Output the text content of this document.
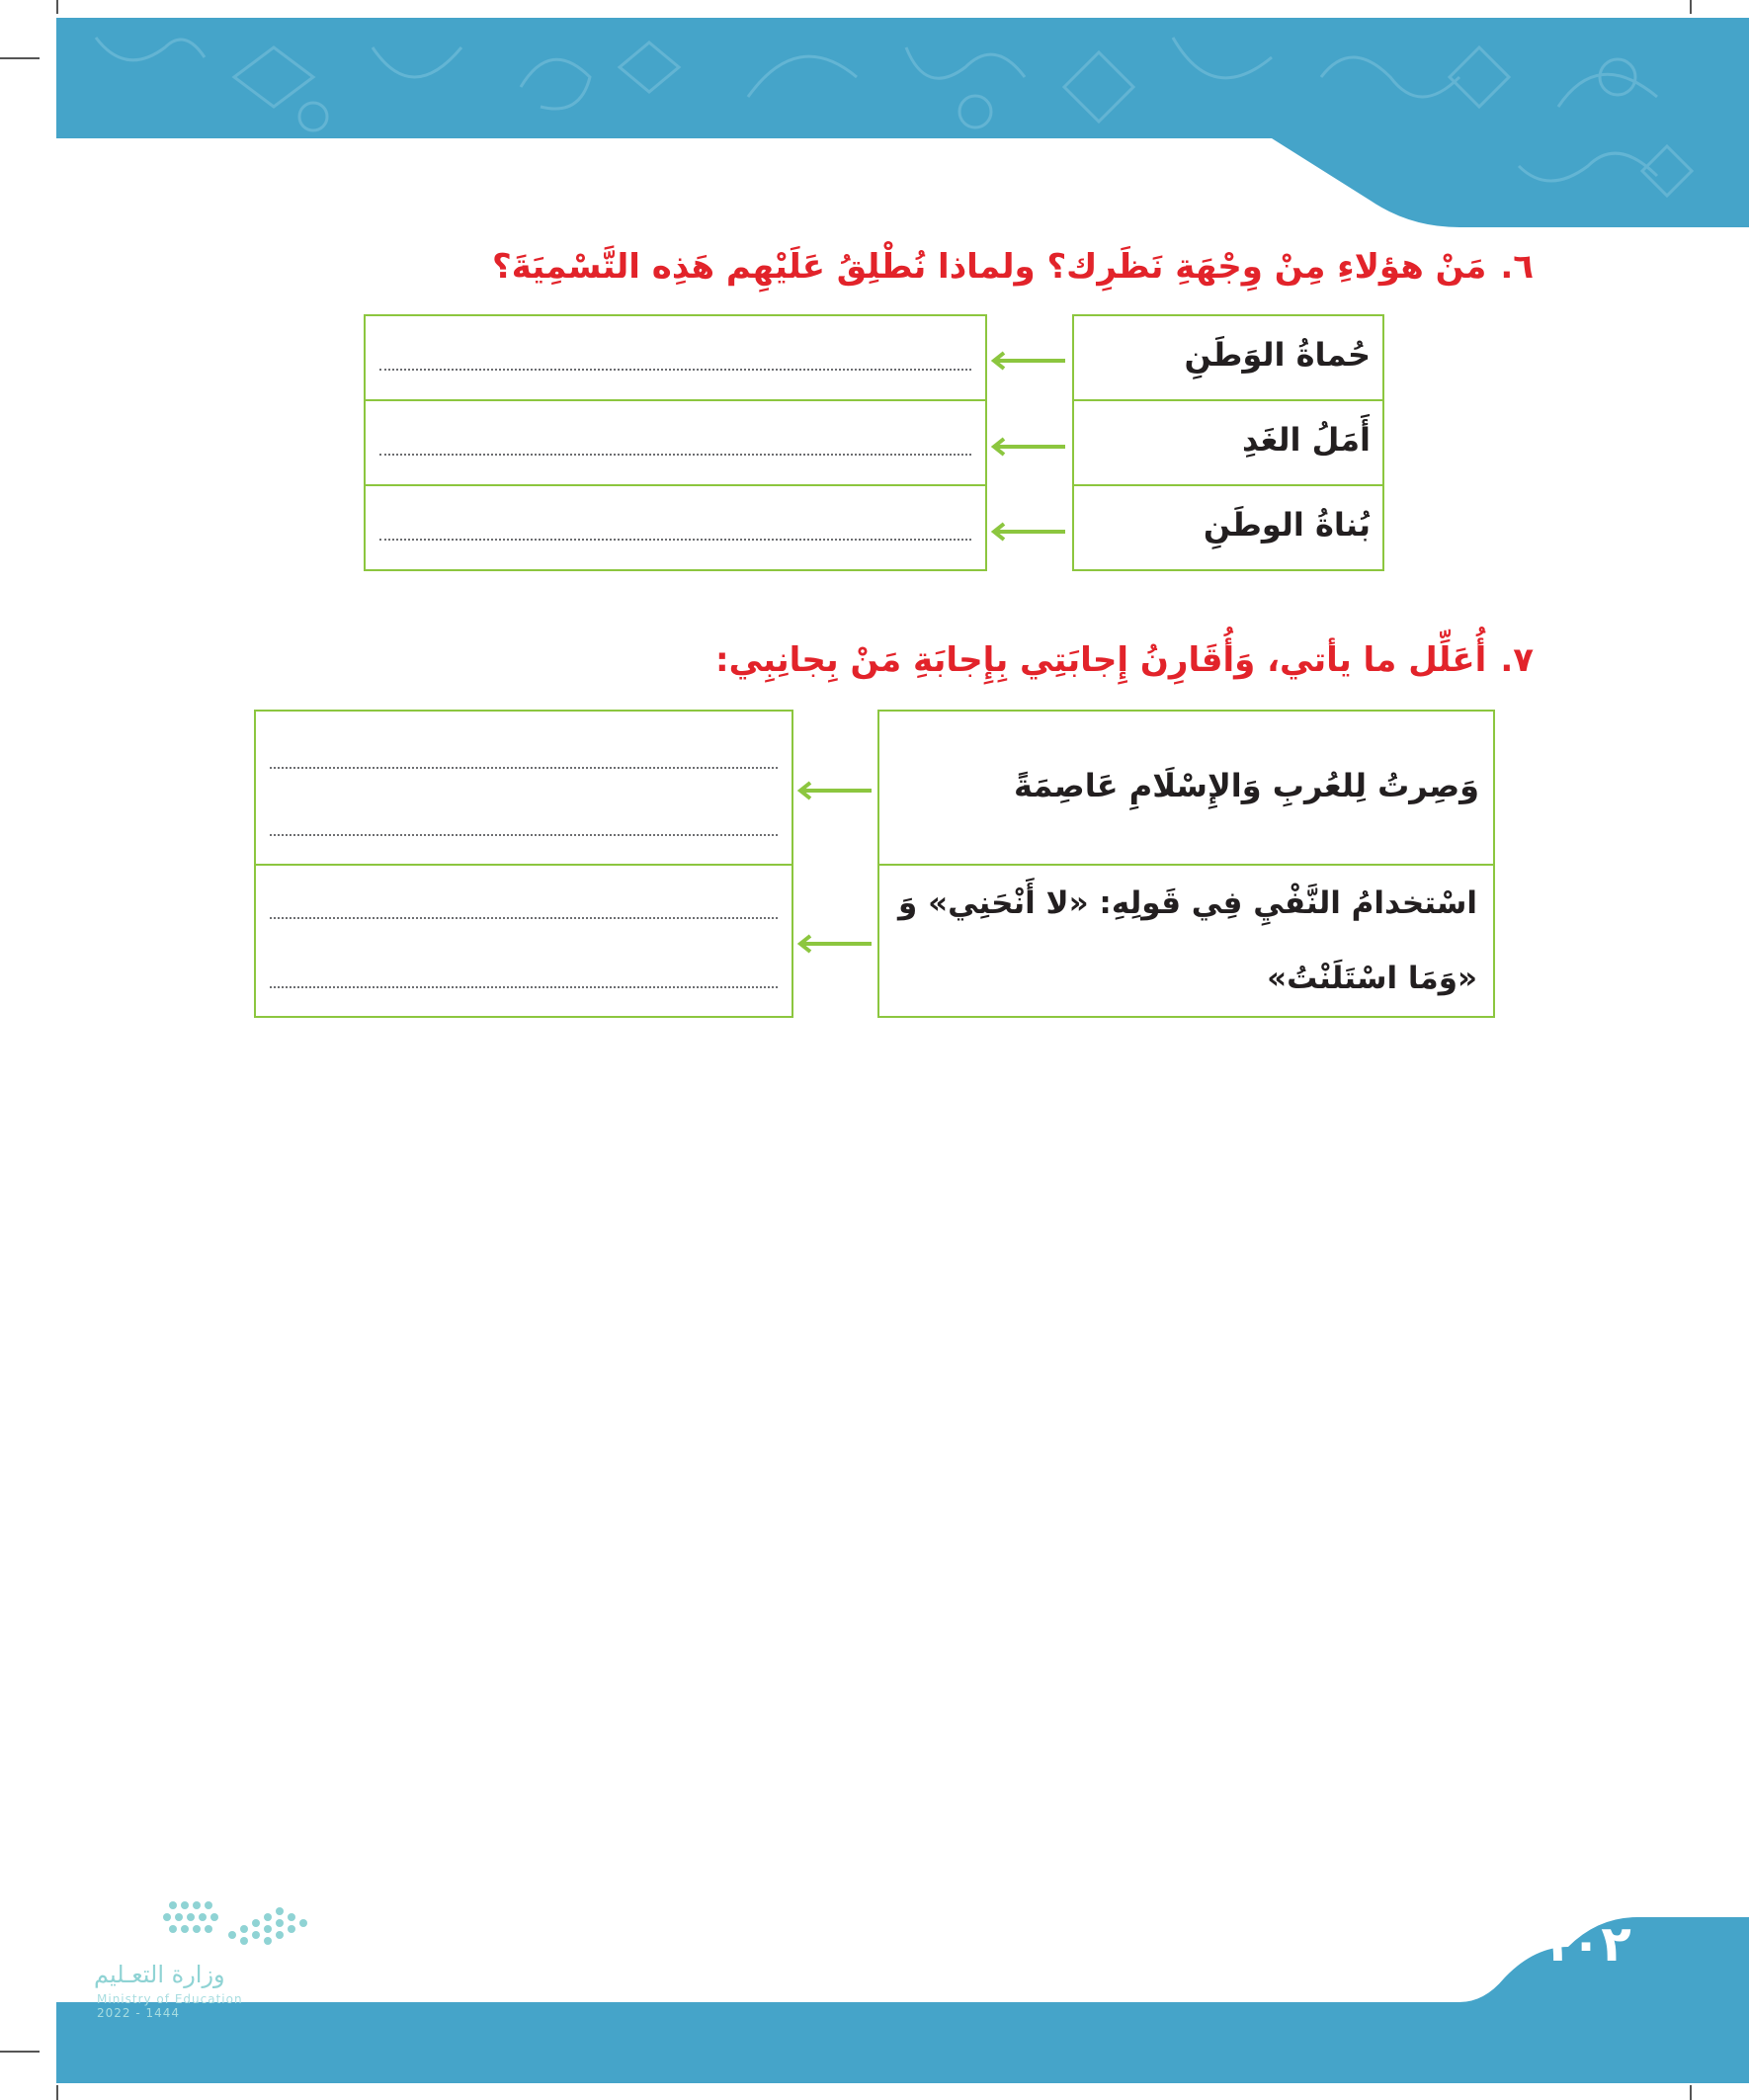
٦.مَنْ هؤلاءِ مِنْ وِجْهَةِ نَظَرِك؟ ولماذا نُطْلِقُ عَلَيْهِم هَذِه التَّسْمِيَةَ؟
حُماةُ الوَطَنِ
أَمَلُ الغَدِ
بُناةُ الوطَنِ
٧.أُعَلِّل ما يأتي، وَأُقَارِنُ إِجابَتِي بِإِجابَةِ مَنْ بِجانِبِي:
وَصِرتُ لِلعُربِ وَالإِسْلَامِ عَاصِمَةً
اسْتخدامُ النَّفْيِ فِي قَولِهِ: «لا أَنْحَنِي» وَ «وَمَا اسْتَلَنْتُ»
١٠٢
وزارة التعـليم
Ministry of Education
2022 - 1444
